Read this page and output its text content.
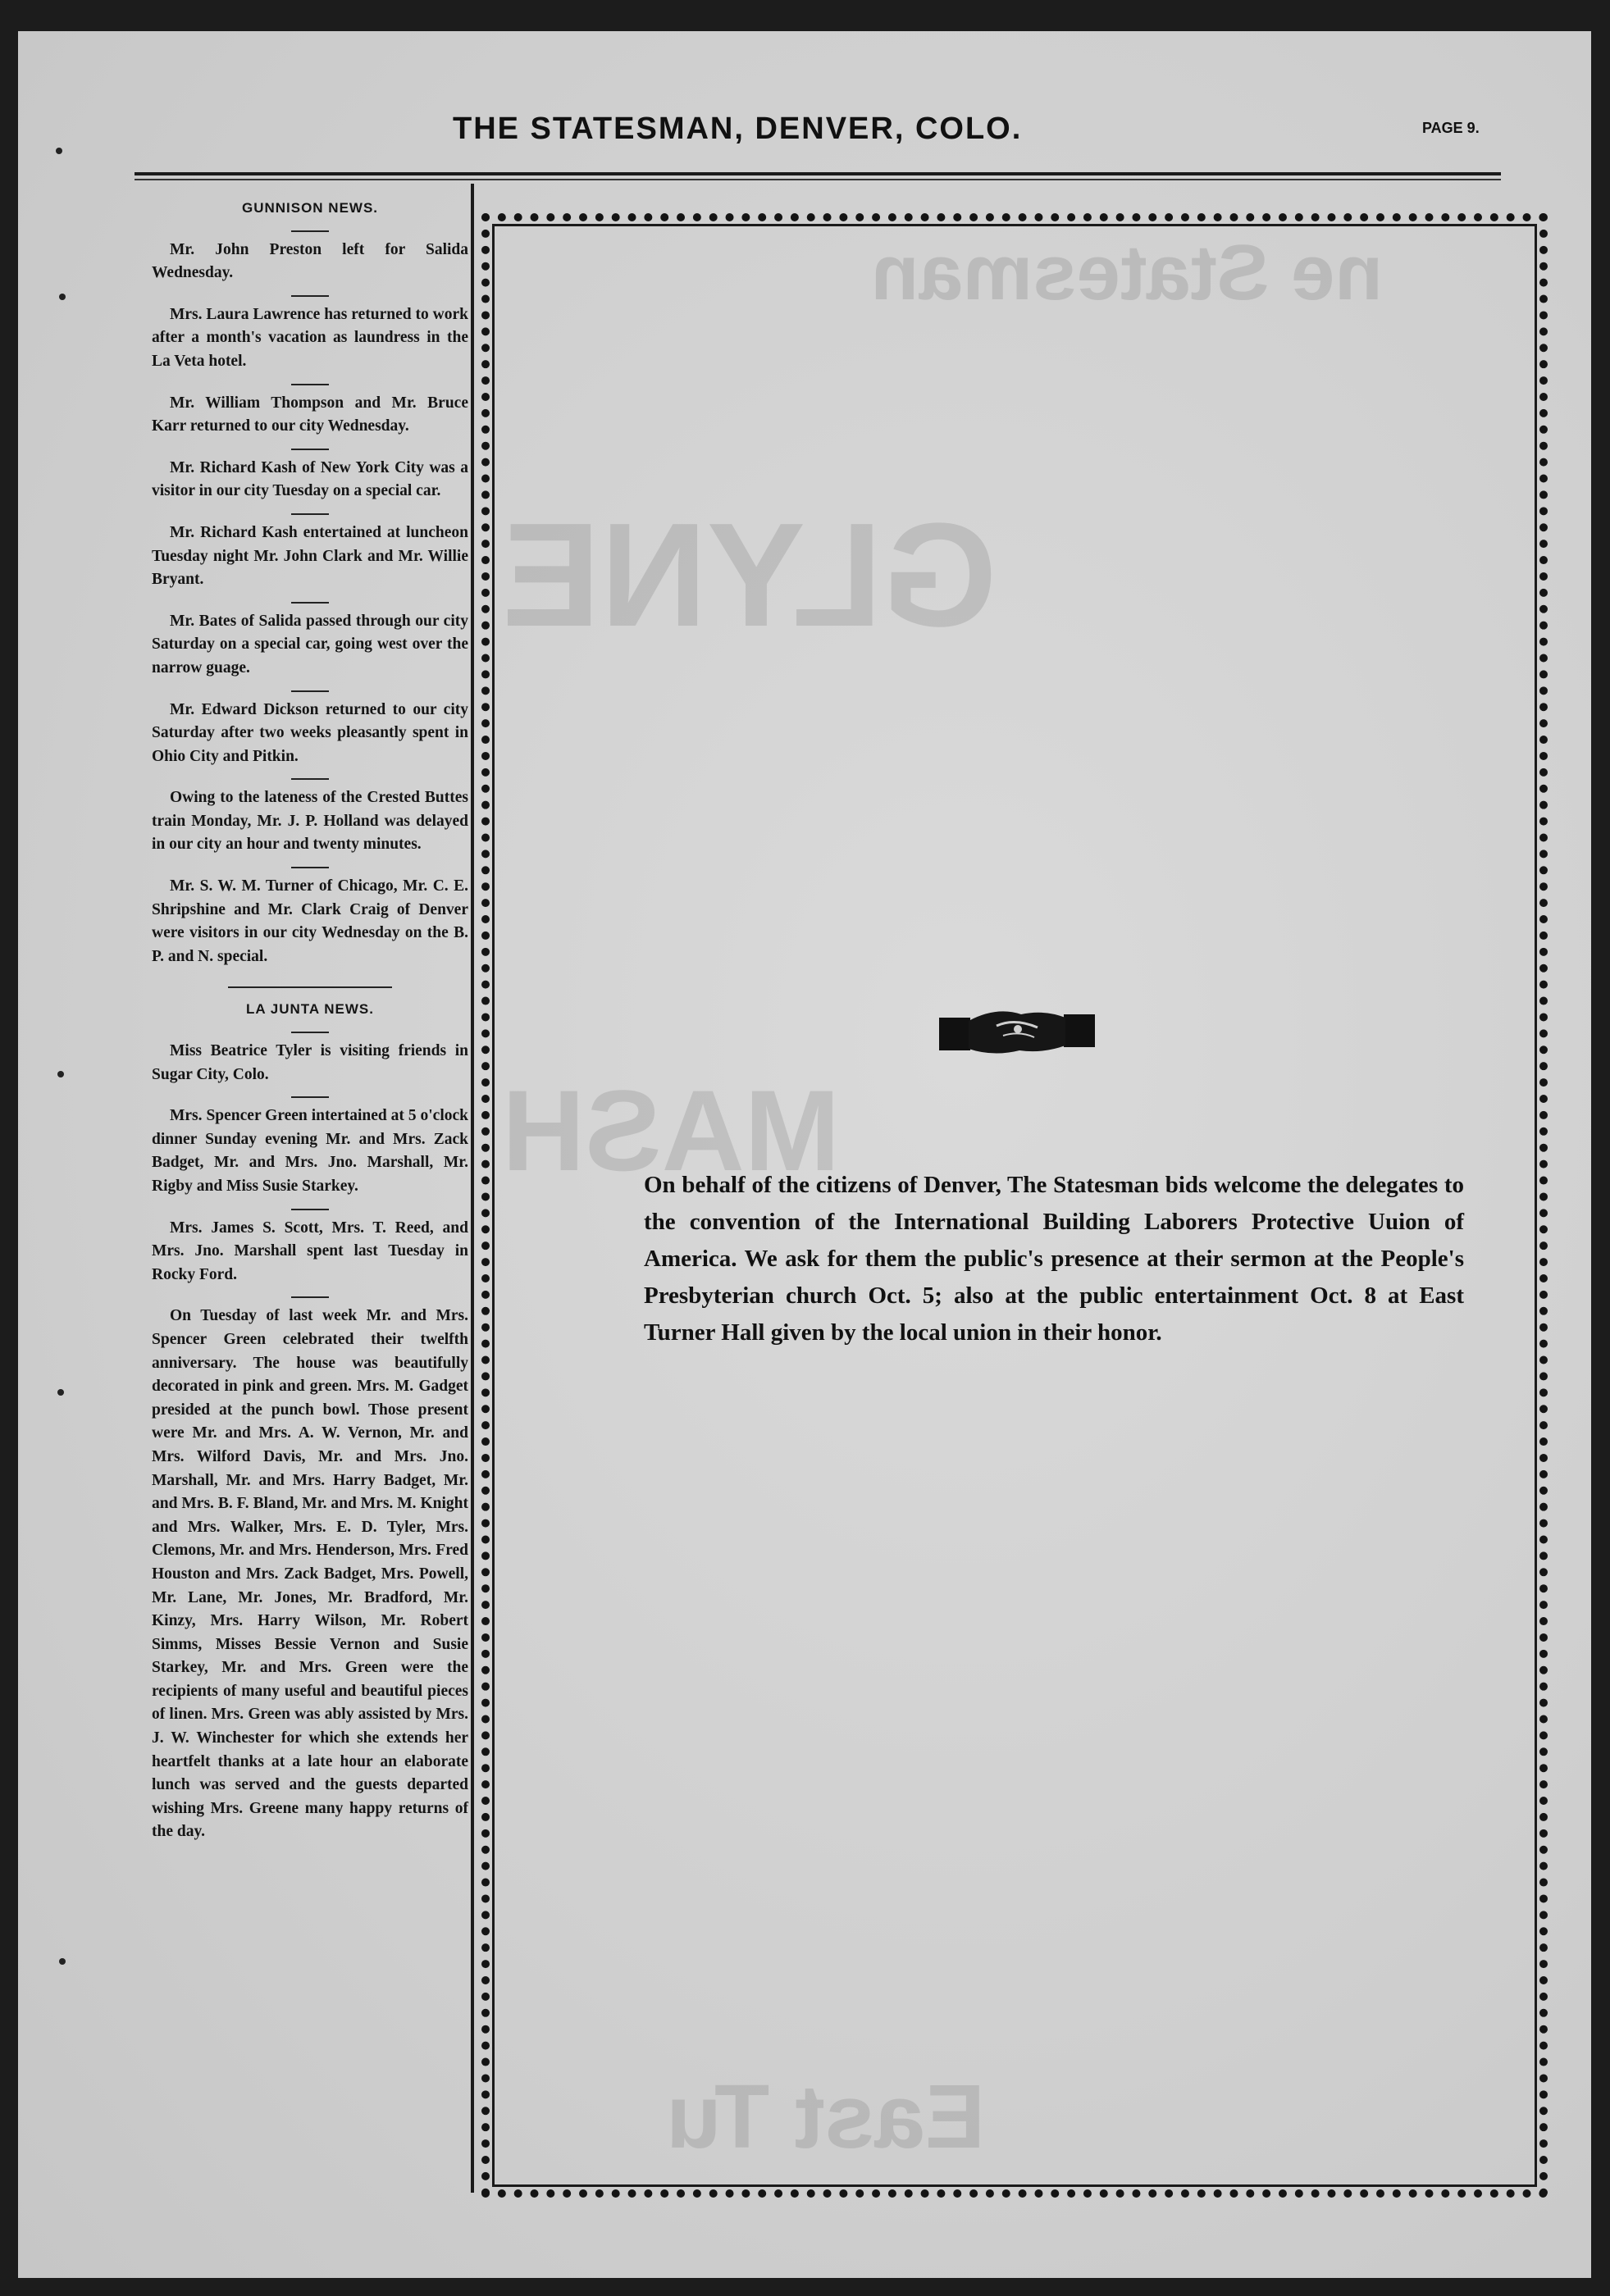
ne Statesman
GLYNE
MASH
East Tu
THE STATESMAN, DENVER, COLO.	PAGE 9.
GUNNISON NEWS.

Mr. John Preston left for Salida Wednesday.

Mrs. Laura Lawrence has returned to work after a month's vacation as laundress in the La Veta hotel.

Mr. William Thompson and Mr. Bruce Karr returned to our city Wednesday.

Mr. Richard Kash of New York City was a visitor in our city Tuesday on a special car.

Mr. Richard Kash entertained at luncheon Tuesday night Mr. John Clark and Mr. Willie Bryant.

Mr. Bates of Salida passed through our city Saturday on a special car, going west over the narrow guage.

Mr. Edward Dickson returned to our city Saturday after two weeks pleasantly spent in Ohio City and Pitkin.

Owing to the lateness of the Crested Buttes train Monday, Mr. J. P. Holland was delayed in our city an hour and twenty minutes.

Mr. S. W. M. Turner of Chicago, Mr. C. E. Shripshine and Mr. Clark Craig of Denver were visitors in our city Wednesday on the B. P. and N. special.

LA JUNTA NEWS.

Miss Beatrice Tyler is visiting friends in Sugar City, Colo.

Mrs. Spencer Green intertained at 5 o'clock dinner Sunday evening Mr. and Mrs. Zack Badget, Mr. and Mrs. Jno. Marshall, Mr. Rigby and Miss Susie Starkey.

Mrs. James S. Scott, Mrs. T. Reed, and Mrs. Jno. Marshall spent last Tuesday in Rocky Ford.

On Tuesday of last week Mr. and Mrs. Spencer Green celebrated their twelfth anniversary. The house was beautifully decorated in pink and green. Mrs. M. Gadget presided at the punch bowl. Those present were Mr. and Mrs. A. W. Vernon, Mr. and Mrs. Wilford Davis, Mr. and Mrs. Jno. Marshall, Mr. and Mrs. Harry Badget, Mr. and Mrs. B. F. Bland, Mr. and Mrs. M. Knight and Mrs. Walker, Mrs. E. D. Tyler, Mrs. Clemons, Mr. and Mrs. Henderson, Mrs. Fred Houston and Mrs. Zack Badget, Mrs. Powell, Mr. Lane, Mr. Jones, Mr. Bradford, Mr. Kinzy, Mrs. Harry Wilson, Mr. Robert Simms, Misses Bessie Vernon and Susie Starkey, Mr. and Mrs. Green were the recipients of many useful and beautiful pieces of linen. Mrs. Green was ably assisted by Mrs. J. W. Winchester for which she extends her heartfelt thanks at a late hour an elaborate lunch was served and the guests departed wishing Mrs. Greene many happy returns of the day.

On behalf of the citizens of Denver, The Statesman bids welcome the delegates to the convention of the International Building Laborers Protective Uuion of America. We ask for them the public's presence at their sermon at the People's Presbyterian church Oct. 5; also at the public entertainment Oct. 8 at East Turner Hall given by the local union in their honor.
